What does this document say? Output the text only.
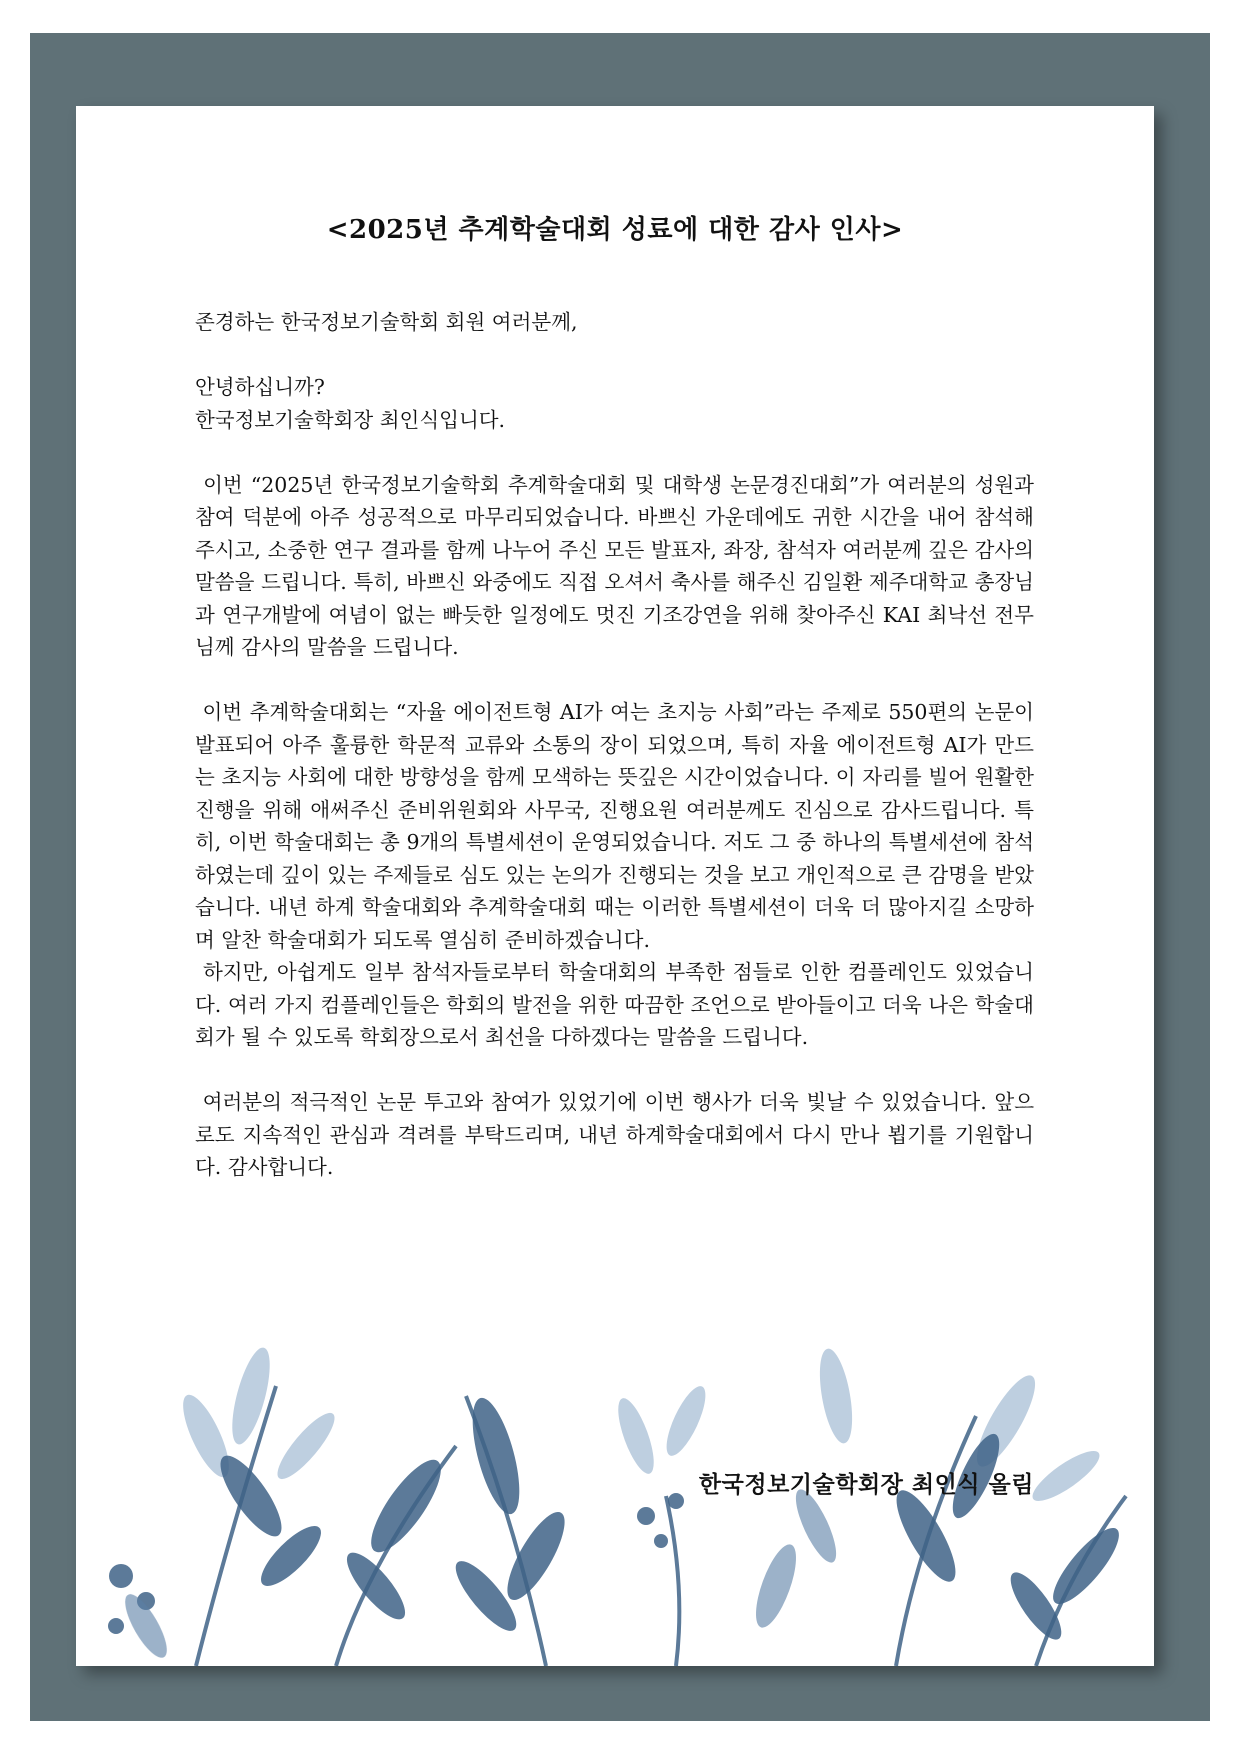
<2025년 추계학술대회 성료에 대한 감사 인사>

존경하는 한국정보기술학회 회원 여러분께,

안녕하십니까?

한국정보기술학회장 최인식입니다.

이번 “2025년 한국정보기술학회 추계학술대회 및 대학생 논문경진대회”가 여러분의 성원과 참여 덕분에 아주 성공적으로 마무리되었습니다. 바쁘신 가운데에도 귀한 시간을 내어 참석해 주시고, 소중한 연구 결과를 함께 나누어 주신 모든 발표자, 좌장, 참석자 여러분께 깊은 감사의 말씀을 드립니다. 특히, 바쁘신 와중에도 직접 오셔서 축사를 해주신 김일환 제주대학교 총장님과 연구개발에 여념이 없는 빠듯한 일정에도 멋진 기조강연을 위해 찾아주신 KAI 최낙선 전무님께 감사의 말씀을 드립니다.

이번 추계학술대회는 “자율 에이전트형 AI가 여는 초지능 사회”라는 주제로 550편의 논문이 발표되어 아주 훌륭한 학문적 교류와 소통의 장이 되었으며, 특히 자율 에이전트형 AI가 만드는 초지능 사회에 대한 방향성을 함께 모색하는 뜻깊은 시간이었습니다. 이 자리를 빌어 원활한 진행을 위해 애써주신 준비위원회와 사무국, 진행요원 여러분께도 진심으로 감사드립니다. 특히, 이번 학술대회는 총 9개의 특별세션이 운영되었습니다. 저도 그 중 하나의 특별세션에 참석하였는데 깊이 있는 주제들로 심도 있는 논의가 진행되는 것을 보고 개인적으로 큰 감명을 받았습니다. 내년 하계 학술대회와 추계학술대회 때는 이러한 특별세션이 더욱 더 많아지길 소망하며 알찬 학술대회가 되도록 열심히 준비하겠습니다.

하지만, 아쉽게도 일부 참석자들로부터 학술대회의 부족한 점들로 인한 컴플레인도 있었습니다. 여러 가지 컴플레인들은 학회의 발전을 위한 따끔한 조언으로 받아들이고 더욱 나은 학술대회가 될 수 있도록 학회장으로서 최선을 다하겠다는 말씀을 드립니다.

여러분의 적극적인 논문 투고와 참여가 있었기에 이번 행사가 더욱 빛날 수 있었습니다. 앞으로도 지속적인 관심과 격려를 부탁드리며, 내년 하계학술대회에서 다시 만나 뵙기를 기원합니다. 감사합니다.

한국정보기술학회장 최인식 올림
